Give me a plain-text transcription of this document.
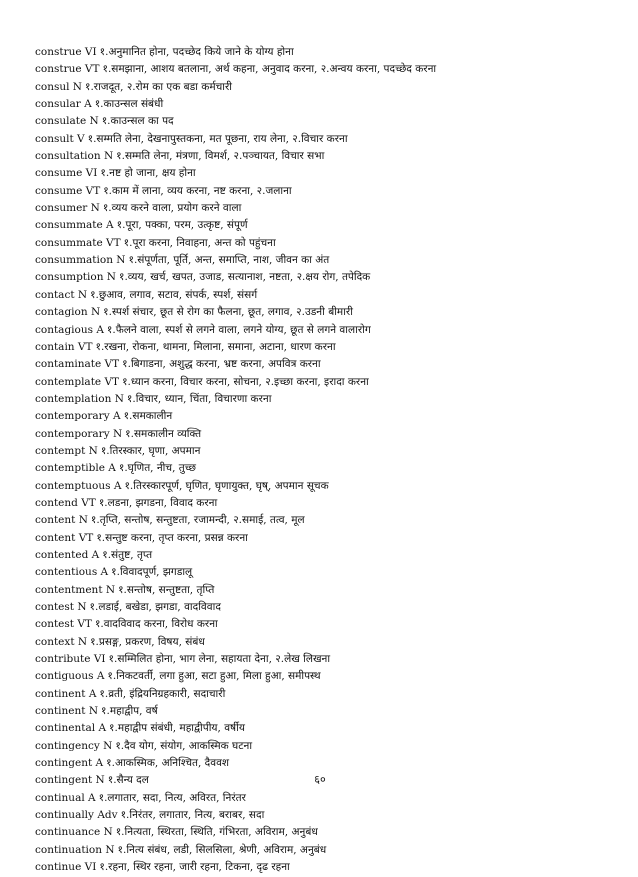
construe VI १.अनुमानित होना, पदच्छेद किये जाने के योग्य होना
construe VT १.समझाना, आशय बतलाना, अर्थ कहना, अनुवाद करना, २.अन्वय करना, पदच्छेद करना
consul N १.राजदूत, २.रोम का एक बडा कर्मचारी
consular A १.काउन्सल संबंधी
consulate N १.काउन्सल का पद
consult V १.सम्मति लेना, देखनापुस्तकना, मत पूछना, राय लेना, २.विचार करना
consultation N १.सम्मति लेना, मंत्रणा, विमर्श, २.पञ्चायत, विचार सभा
consume VI १.नष्ट हो जाना, क्षय होना
consume VT १.काम में लाना, व्यय करना, नष्ट करना, २.जलाना
consumer N १.व्यय करने वाला, प्रयोग करने वाला
consummate A १.पूरा, पक्का, परम, उत्कृष्ट, संपूर्ण
consummate VT १.पूरा करना, निवाहना, अन्त को पहुंचना
consummation N १.संपूर्णता, पूर्ति, अन्त, समाप्ति, नाश, जीवन का अंत
consumption N १.व्यय, खर्च, खपत, उजाड, सत्यानाश, नष्टता, २.क्षय रोग, तपेदिक
contact N १.छुआव, लगाव, सटाव, संपर्क, स्पर्श, संसर्ग
contagion N १.स्पर्श संचार, छूत से रोग का फैलना, छूत, लगाव, २.उडनी बीमारी
contagious A १.फैलने वाला, स्पर्श से लगने वाला, लगने योग्य, छूत से लगने वालारोग
contain VT १.रखना, रोकना, थामना, मिलाना, समाना, अटाना, धारण करना
contaminate VT १.बिगाडना, अशुद्ध करना, भ्रष्ट करना, अपवित्र करना
contemplate VT १.ध्यान करना, विचार करना, सोचना, २.इच्छा करना, इरादा करना
contemplation N १.विचार, ध्यान, चिंता, विचारणा करना
contemporary A १.समकालीन
contemporary N १.समकालीन व्यक्ति
contempt N १.तिरस्कार, घृणा, अपमान
contemptible A १.घृणित, नीच, तुच्छ
contemptuous A १.तिरस्कारपूर्ण, घृणित, घृणायुक्त, घृष्, अपमान सूचक
contend VT १.लडना, झगडना, विवाद करना
content N १.तृप्ति, सन्तोष, सन्तुष्टता, रजामन्दी, २.समाई, तत्व, मूल
content VT १.सन्तुष्ट करना, तृप्त करना, प्रसन्न करना
contented A १.संतुष्ट, तृप्त
contentious A १.विवादपूर्ण, झगडालू
contentment N १.सन्तोष, सन्तुष्टता, तृप्ति
contest N १.लडाई, बखेडा, झगडा, वादविवाद
contest VT १.वादविवाद करना, विरोध करना
context N १.प्रसङ्ग, प्रकरण, विषय, संबंध
contribute VI १.सम्मिलित होना, भाग लेना, सहायता देना, २.लेख लिखना
contiguous A १.निकटवर्ती, लगा हुआ, सटा हुआ, मिला हुआ, समीपस्थ
continent A १.व्रती, इंद्रियनिग्रहकारी, सदाचारी
continent N १.महाद्वीप, वर्ष
continental A १.महाद्वीप संबंधी, महाद्वीपीय, वर्षीय
contingency N १.दैव योग, संयोग, आकस्मिक घटना
contingent A १.आकस्मिक, अनिश्चित, दैववश
contingent N १.सैन्य दल
continual A १.लगातार, सदा, नित्य, अविरत, निरंतर
continually Adv १.निरंतर, लगातार, नित्य, बराबर, सदा
continuance N १.नित्यता, स्थिरता, स्थिति, गंभिरता, अविराम, अनुबंध
continuation N १.नित्य संबंध, लडी, सिलसिला, श्रेणी, अविराम, अनुबंध
continue VI १.रहना, स्थिर रहना, जारी रहना, टिकना, दृढ रहना
६०
